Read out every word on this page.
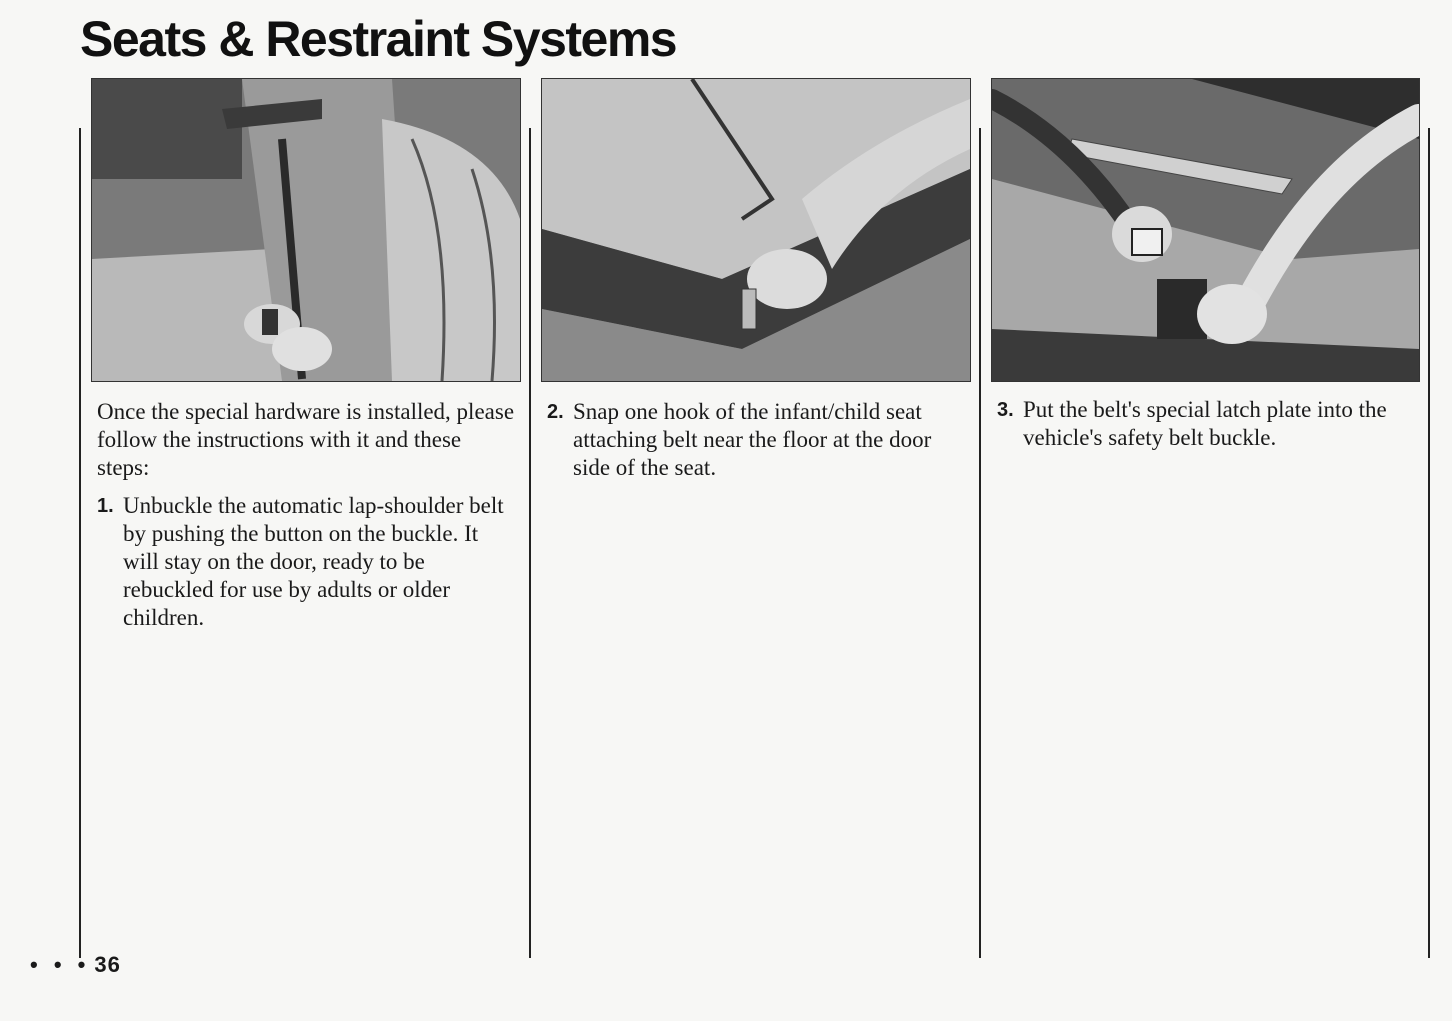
Seats & Restraint Systems

Once the special hardware is installed, please follow the instructions with it and these steps:

1. Unbuckle the automatic lap-shoulder belt by pushing the button on the buckle. It will stay on the door, ready to be rebuckled for use by adults or older children.

2. Snap one hook of the infant/child seat attaching belt near the floor at the door side of the seat.

3. Put the belt's special latch plate into the vehicle's safety belt buckle.

• • • 36
